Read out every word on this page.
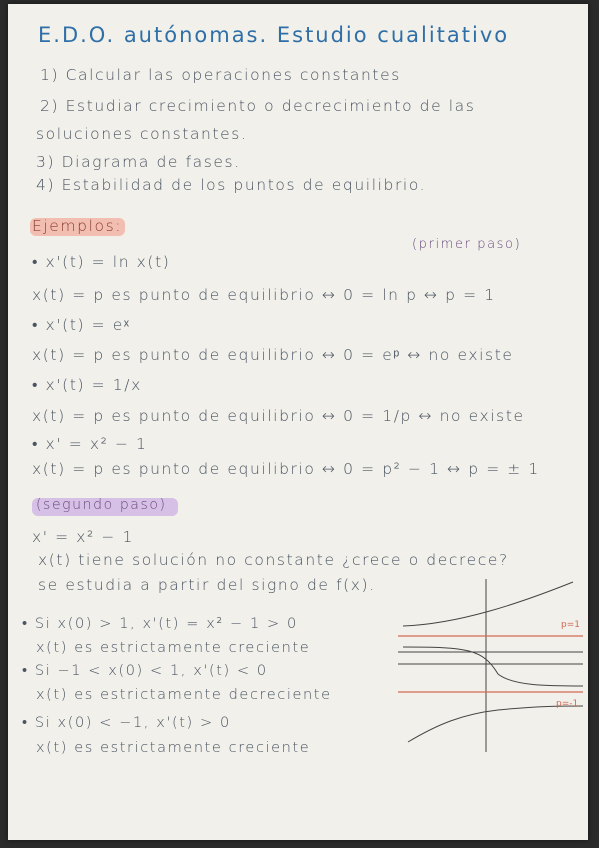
E.D.O. autónomas. Estudio cualitativo
1) Calcular las operaciones constantes
2) Estudiar crecimiento o decrecimiento de las
soluciones constantes.
3) Diagrama de fases.
4) Estabilidad de los puntos de equilibrio.
Ejemplos:
(primer paso)
• x'(t) = ln x(t)
x(t) = p es punto de equilibrio ↔ 0 = ln p ↔ p = 1
• x'(t) = eˣ
x(t) = p es punto de equilibrio ↔ 0 = eᵖ ↔ no existe
• x'(t) = 1/x
x(t) = p es punto de equilibrio ↔ 0 = 1/p ↔ no existe
• x' = x² − 1
x(t) = p es punto de equilibrio ↔ 0 = p² − 1 ↔ p = ± 1
(segundo paso)
x' = x² − 1
x(t) tiene solución no constante ¿crece o decrece?
se estudia a partir del signo de f(x).
• Si x(0) > 1, x'(t) = x² − 1 > 0
x(t) es estrictamente creciente
• Si −1 < x(0) < 1, x'(t) < 0
x(t) es estrictamente decreciente
• Si x(0) < −1, x'(t) > 0
x(t) es estrictamente creciente
p=1
p=-1
